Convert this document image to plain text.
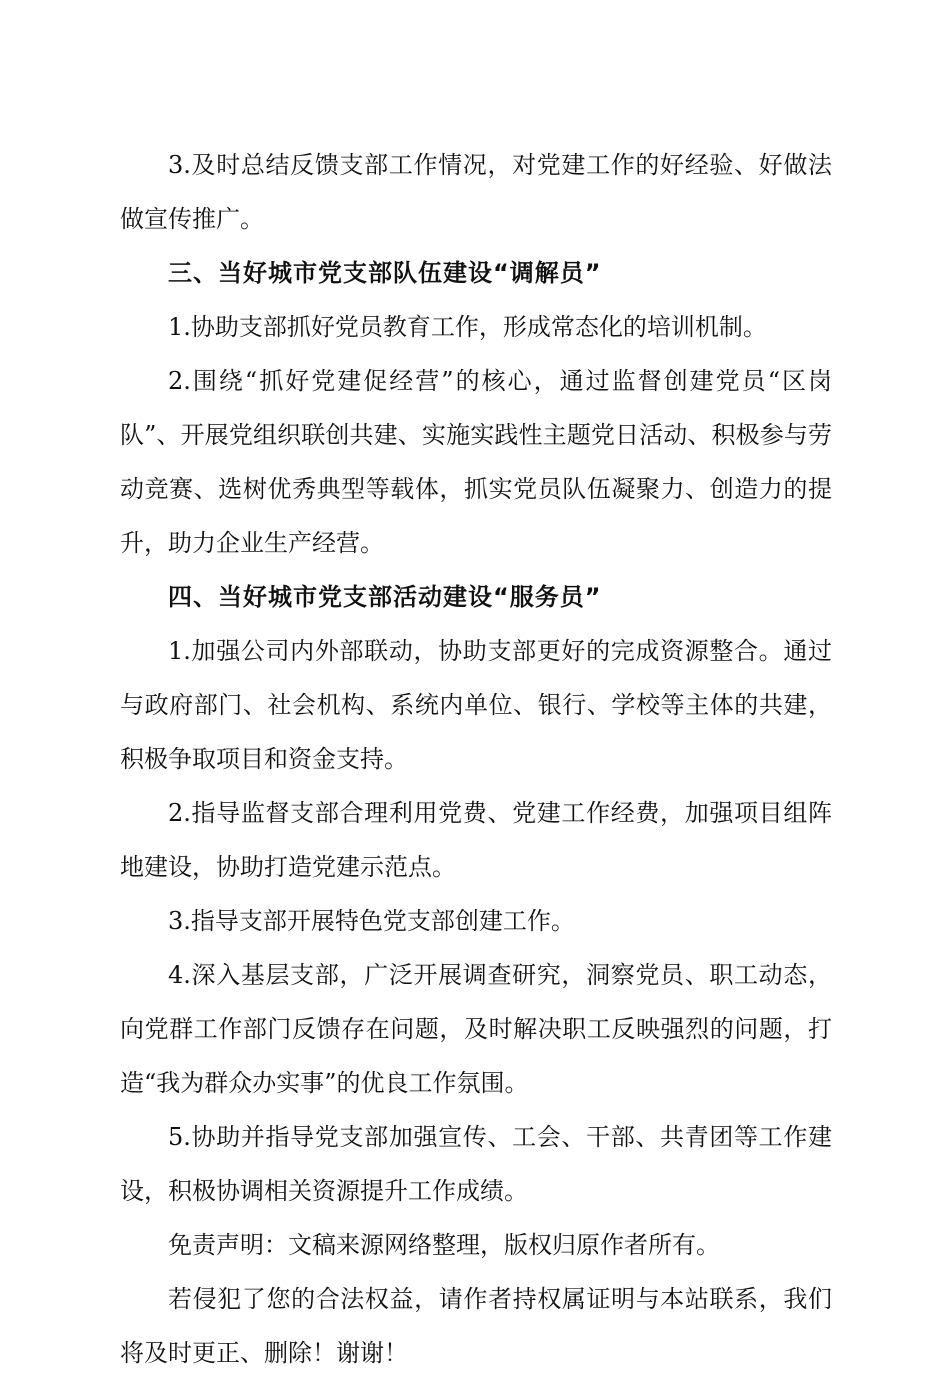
3.及时总结反馈支部工作情况，对党建工作的好经验、好做法做宣传推广。

三、当好城市党支部队伍建设“调解员”

1.协助支部抓好党员教育工作，形成常态化的培训机制。

2.围绕“抓好党建促经营”的核心，通过监督创建党员“区岗队”、开展党组织联创共建、实施实践性主题党日活动、积极参与劳动竞赛、选树优秀典型等载体，抓实党员队伍凝聚力、创造力的提升，助力企业生产经营。

四、当好城市党支部活动建设“服务员”

1.加强公司内外部联动，协助支部更好的完成资源整合。通过与政府部门、社会机构、系统内单位、银行、学校等主体的共建，积极争取项目和资金支持。

2.指导监督支部合理利用党费、党建工作经费，加强项目组阵地建设，协助打造党建示范点。

3.指导支部开展特色党支部创建工作。

4.深入基层支部，广泛开展调查研究，洞察党员、职工动态，向党群工作部门反馈存在问题，及时解决职工反映强烈的问题，打造“我为群众办实事”的优良工作氛围。

5.协助并指导党支部加强宣传、工会、干部、共青团等工作建设，积极协调相关资源提升工作成绩。

免责声明：文稿来源网络整理，版权归原作者所有。

若侵犯了您的合法权益，请作者持权属证明与本站联系，我们将及时更正、删除！谢谢！
